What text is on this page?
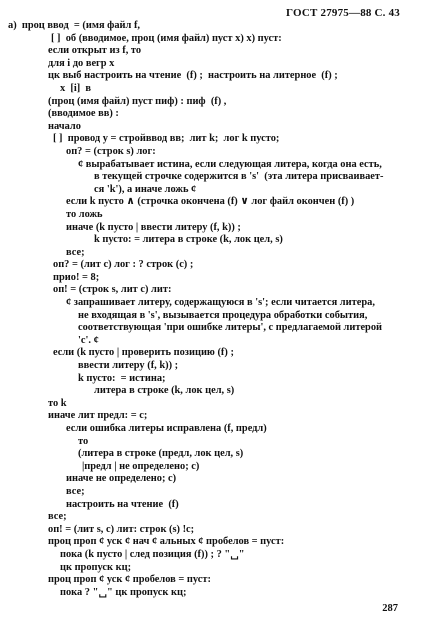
ГОСТ 27975—88 С. 43
а)  проц ввод  = (имя файл f,
[ ]  об (вводимое, проц (имя файл) пуст x) x) пуст:
если открыт из f, то
для i до вегр x
цк выб настроить на чтение  (f) ;  настроить на литерное  (f) ;
x  [i]  в
(проц (имя файл) пуст пиф) : пиф  (f) ,
(вводимое вв) :
начало
[ ]  провод у = стройввод вв;  лит k;  лог k пусто;
оп? = (строк s) лог:
¢ вырабатывает истина, если следующая литера, когда она есть,
в текущей строчке содержится в 's'  (эта литера присваивает-
ся 'k'), а иначе ложь ¢
если k пусто ∧ (строчка окончена (f) ∨ лог файл окончен (f) )
то ложь
иначе (k пусто | ввести литеру (f, k)) ;
k пусто: = литера в строке (k, лок цел, s)
все;
оп? = (лит с) лог : ? строк (с) ;
прио! = 8;
оп! = (строк s, лит с) лит:
¢ запрашивает литеру, содержащуюся в 's'; если читается литера,
не входящая в 's', вызывается процедура обработки события,
соответствующая 'при ошибке литеры', с предлагаемой литерой
'с'. ¢
если (k пусто | проверить позицию (f) ;
ввести литеру (f, k)) ;
k пусто:  = истина;
литера в строке (k, лок цел, s)
то k
иначе лит предл: = с;
если ошибка литеры исправлена (f, предл)
то
(литера в строке (предл, лок цел, s)
|предл | не определено; с)
иначе не определено; с)
все;
настроить на чтение  (f)
все;
оп! = (лит s, с) лит: строк (s) !с;
проц проп ¢ уск ¢ нач ¢ альных ¢ пробелов = пуст:
пока (k пусто | след позиция (f)) ; ? "␣"
цк пропуск кц;
проц проп ¢ уск ¢ пробелов = пуст:
пока ? "␣" цк пропуск кц;
287
